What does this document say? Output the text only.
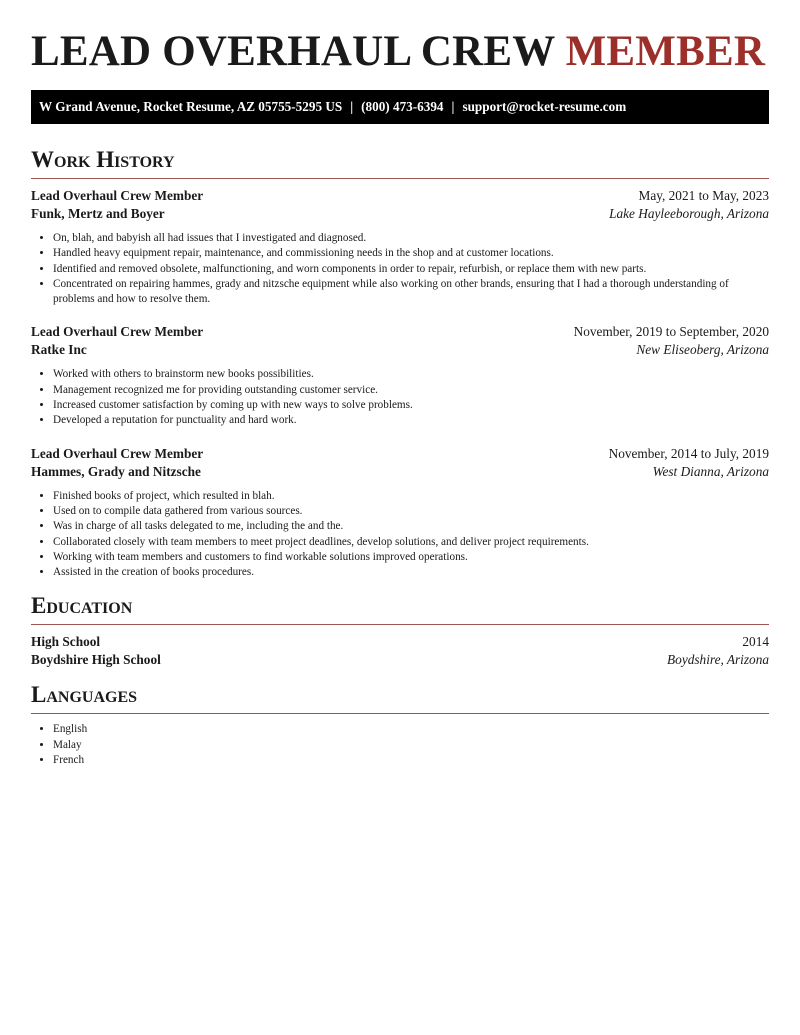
LEAD OVERHAUL CREW MEMBER
W Grand Avenue, Rocket Resume, AZ 05755-5295 US | (800) 473-6394 | support@rocket-resume.com
Work History
Lead Overhaul Crew Member	May, 2021 to May, 2023
Funk, Mertz and Boyer	Lake Hayleeborough, Arizona
• On, blah, and babyish all had issues that I investigated and diagnosed.
• Handled heavy equipment repair, maintenance, and commissioning needs in the shop and at customer locations.
• Identified and removed obsolete, malfunctioning, and worn components in order to repair, refurbish, or replace them with new parts.
• Concentrated on repairing hammes, grady and nitzsche equipment while also working on other brands, ensuring that I had a thorough understanding of problems and how to resolve them.
Lead Overhaul Crew Member	November, 2019 to September, 2020
Ratke Inc	New Eliseoberg, Arizona
• Worked with others to brainstorm new books possibilities.
• Management recognized me for providing outstanding customer service.
• Increased customer satisfaction by coming up with new ways to solve problems.
• Developed a reputation for punctuality and hard work.
Lead Overhaul Crew Member	November, 2014 to July, 2019
Hammes, Grady and Nitzsche	West Dianna, Arizona
• Finished books of project, which resulted in blah.
• Used on to compile data gathered from various sources.
• Was in charge of all tasks delegated to me, including the and the.
• Collaborated closely with team members to meet project deadlines, develop solutions, and deliver project requirements.
• Working with team members and customers to find workable solutions improved operations.
• Assisted in the creation of books procedures.
Education
High School	2014
Boydshire High School	Boydshire, Arizona
Languages
• English
• Malay
• French
